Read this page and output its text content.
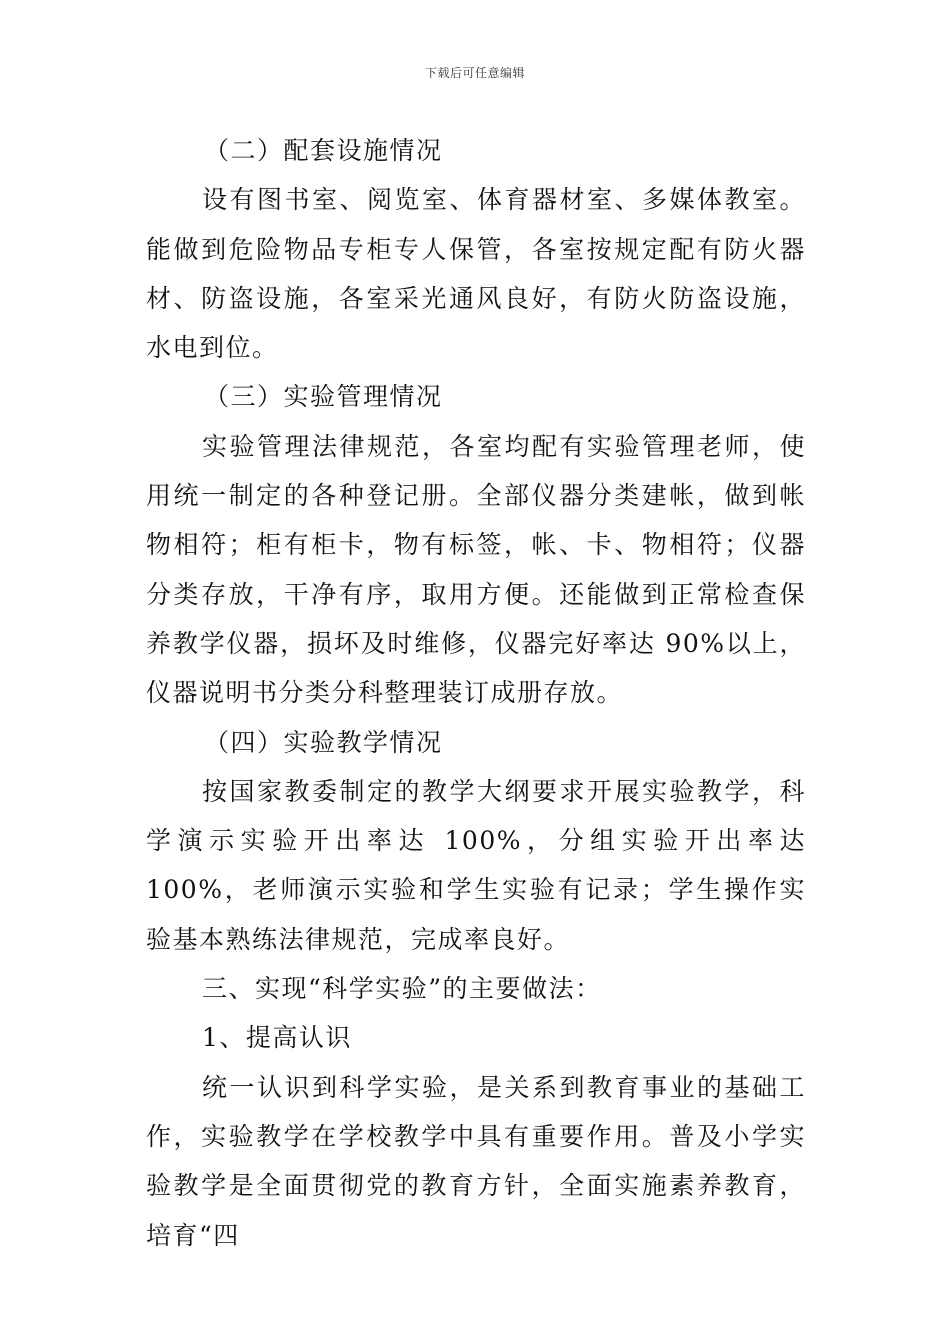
下载后可任意编辑

（二）配套设施情况

设有图书室、阅览室、体育器材室、多媒体教室。能做到危险物品专柜专人保管，各室按规定配有防火器材、防盗设施，各室采光通风良好，有防火防盗设施，水电到位。

（三）实验管理情况

实验管理法律规范，各室均配有实验管理老师，使用统一制定的各种登记册。全部仪器分类建帐，做到帐物相符；柜有柜卡，物有标签，帐、卡、物相符；仪器分类存放，干净有序，取用方便。还能做到正常检查保养教学仪器，损坏及时维修，仪器完好率达 90%以上，仪器说明书分类分科整理装订成册存放。

（四）实验教学情况

按国家教委制定的教学大纲要求开展实验教学，科学演示实验开出率达 100%，分组实验开出率达 100%，老师演示实验和学生实验有记录；学生操作实验基本熟练法律规范，完成率良好。

三、实现“科学实验”的主要做法：

1、提高认识

统一认识到科学实验，是关系到教育事业的基础工作，实验教学在学校教学中具有重要作用。普及小学实验教学是全面贯彻党的教育方针，全面实施素养教育，培育“四
